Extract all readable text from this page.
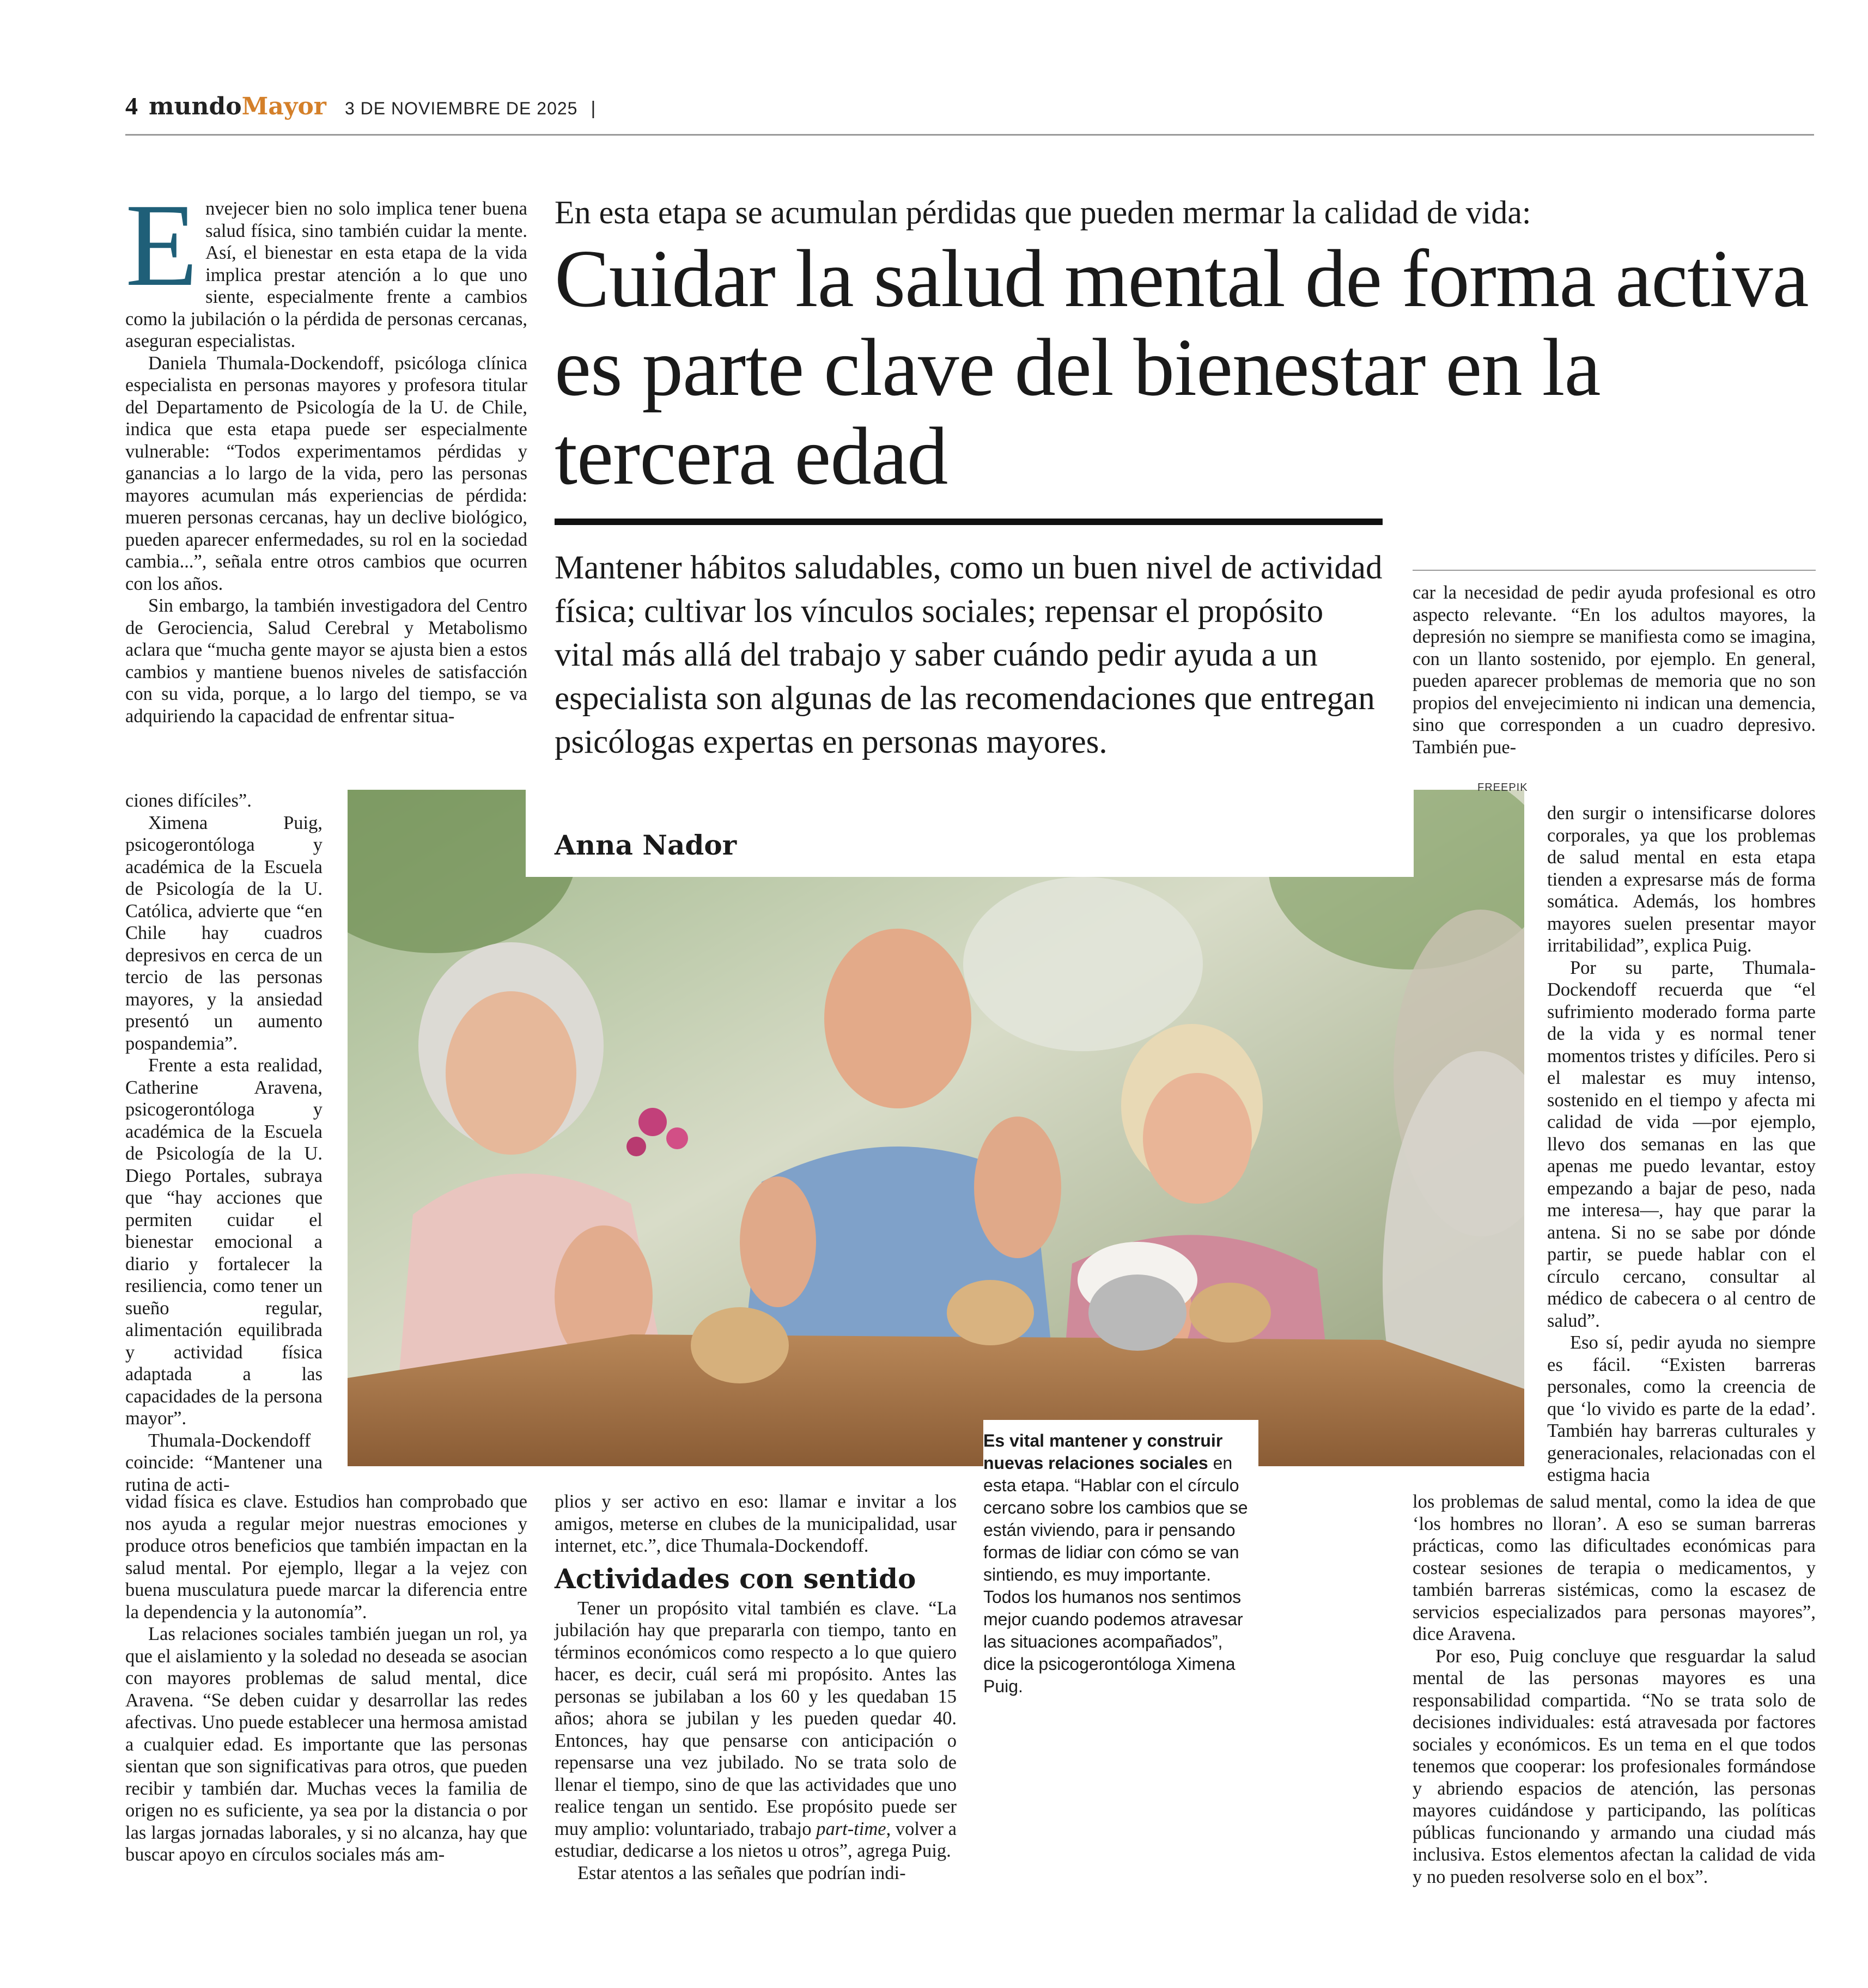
4 mundo Mayor 3 DE NOVIEMBRE DE 2025 |
FREEPIK
En esta etapa se acumulan pérdidas que pueden mermar la calidad de vida:
Cuidar la salud mental de forma activa es parte clave del bienestar en la tercera edad
Mantener hábitos saludables, como un buen nivel de actividad física; cultivar los vínculos sociales; repensar el propósito vital más allá del trabajo y saber cuándo pedir ayuda a un especialista son algunas de las recomendaciones que entregan psicólogas expertas en personas mayores.
Anna Nador

Envejecer bien no solo implica tener buena salud física, sino también cuidar la mente. Así, el bienestar en esta etapa de la vida implica prestar atención a lo que uno siente, especialmente frente a cambios como la jubilación o la pérdida de personas cercanas, aseguran especialistas.

Daniela Thumala-Dockendoff, psicóloga clínica especialista en personas mayores y profesora titular del Departamento de Psicología de la U. de Chile, indica que esta etapa puede ser especialmente vulnerable: “Todos experimentamos pérdidas y ganancias a lo largo de la vida, pero las personas mayores acumulan más experiencias de pérdida: mueren personas cercanas, hay un declive biológico, pueden aparecer enfermedades, su rol en la sociedad cambia...”, señala entre otros cambios que ocurren con los años.

Sin embargo, la también investigadora del Centro de Gerociencia, Salud Cerebral y Metabolismo aclara que “mucha gente mayor se ajusta bien a estos cambios y mantiene buenos niveles de satisfacción con su vida, porque, a lo largo del tiempo, se va adquiriendo la capacidad de enfrentar situa-

ciones difíciles”.

Ximena Puig, psicogerontóloga y académica de la Escuela de Psicología de la U. Católica, advierte que “en Chile hay cuadros depresivos en cerca de un tercio de las personas mayores, y la ansiedad presentó un aumento pospandemia”.

Frente a esta realidad, Catherine Aravena, psicogerontóloga y académica de la Escuela de Psicología de la U. Diego Portales, subraya que “hay acciones que permiten cuidar el bienestar emocional a diario y fortalecer la resiliencia, como tener un sueño regular, alimentación equilibrada y actividad física adaptada a las capacidades de la persona mayor”.

Thumala-Dockendoff coincide: “Mantener una rutina de acti-

vidad física es clave. Estudios han comprobado que nos ayuda a regular mejor nuestras emociones y produce otros beneficios que también impactan en la salud mental. Por ejemplo, llegar a la vejez con buena musculatura puede marcar la diferencia entre la dependencia y la autonomía”.

Las relaciones sociales también juegan un rol, ya que el aislamiento y la soledad no deseada se asocian con mayores problemas de salud mental, dice Aravena. “Se deben cuidar y desarrollar las redes afectivas. Uno puede establecer una hermosa amistad a cualquier edad. Es importante que las personas sientan que son significativas para otros, que pueden recibir y también dar. Muchas veces la familia de origen no es suficiente, ya sea por la distancia o por las largas jornadas laborales, y si no alcanza, hay que buscar apoyo en círculos sociales más am-

plios y ser activo en eso: llamar e invitar a los amigos, meterse en clubes de la municipalidad, usar internet, etc.”, dice Thumala-Dockendoff.

Actividades con sentido

Tener un propósito vital también es clave. “La jubilación hay que prepararla con tiempo, tanto en términos económicos como respecto a lo que quiero hacer, es decir, cuál será mi propósito. Antes las personas se jubilaban a los 60 y les quedaban 15 años; ahora se jubilan y les pueden quedar 40. Entonces, hay que pensarse con anticipación o repensarse una vez jubilado. No se trata solo de llenar el tiempo, sino de que las actividades que uno realice tengan un sentido. Ese propósito puede ser muy amplio: voluntariado, trabajo part-time, volver a estudiar, dedicarse a los nietos u otros”, agrega Puig.

Estar atentos a las señales que podrían indi-

Es vital mantener y construir nuevas relaciones sociales en esta etapa. “Hablar con el círculo cercano sobre los cambios que se están viviendo, para ir pensando formas de lidiar con cómo se van sintiendo, es muy importante. Todos los humanos nos sentimos mejor cuando podemos atravesar las situaciones acompañados”, dice la psicogerontóloga Ximena Puig.

car la necesidad de pedir ayuda profesional es otro aspecto relevante. “En los adultos mayores, la depresión no siempre se manifiesta como se imagina, con un llanto sostenido, por ejemplo. En general, pueden aparecer problemas de memoria que no son propios del envejecimiento ni indican una demencia, sino que corresponden a un cuadro depresivo. También pue-

den surgir o intensificarse dolores corporales, ya que los problemas de salud mental en esta etapa tienden a expresarse más de forma somática. Además, los hombres mayores suelen presentar mayor irritabilidad”, explica Puig.

Por su parte, Thumala-Dockendoff recuerda que “el sufrimiento moderado forma parte de la vida y es normal tener momentos tristes y difíciles. Pero si el malestar es muy intenso, sostenido en el tiempo y afecta mi calidad de vida —por ejemplo, llevo dos semanas en las que apenas me puedo levantar, estoy empezando a bajar de peso, nada me interesa—, hay que parar la antena. Si no se sabe por dónde partir, se puede hablar con el círculo cercano, consultar al médico de cabecera o al centro de salud”.

Eso sí, pedir ayuda no siempre es fácil. “Existen barreras personales, como la creencia de que ‘lo vivido es parte de la edad’. También hay barreras culturales y generacionales, relacionadas con el estigma hacia

los problemas de salud mental, como la idea de que ‘los hombres no lloran’. A eso se suman barreras prácticas, como las dificultades económicas para costear sesiones de terapia o medicamentos, y también barreras sistémicas, como la escasez de servicios especializados para personas mayores”, dice Aravena.

Por eso, Puig concluye que resguardar la salud mental de las personas mayores es una responsabilidad compartida. “No se trata solo de decisiones individuales: está atravesada por factores sociales y económicos. Es un tema en el que todos tenemos que cooperar: los profesionales formándose y abriendo espacios de atención, las personas mayores cuidándose y participando, las políticas públicas funcionando y armando una ciudad más inclusiva. Estos elementos afectan la calidad de vida y no pueden resolverse solo en el box”.
